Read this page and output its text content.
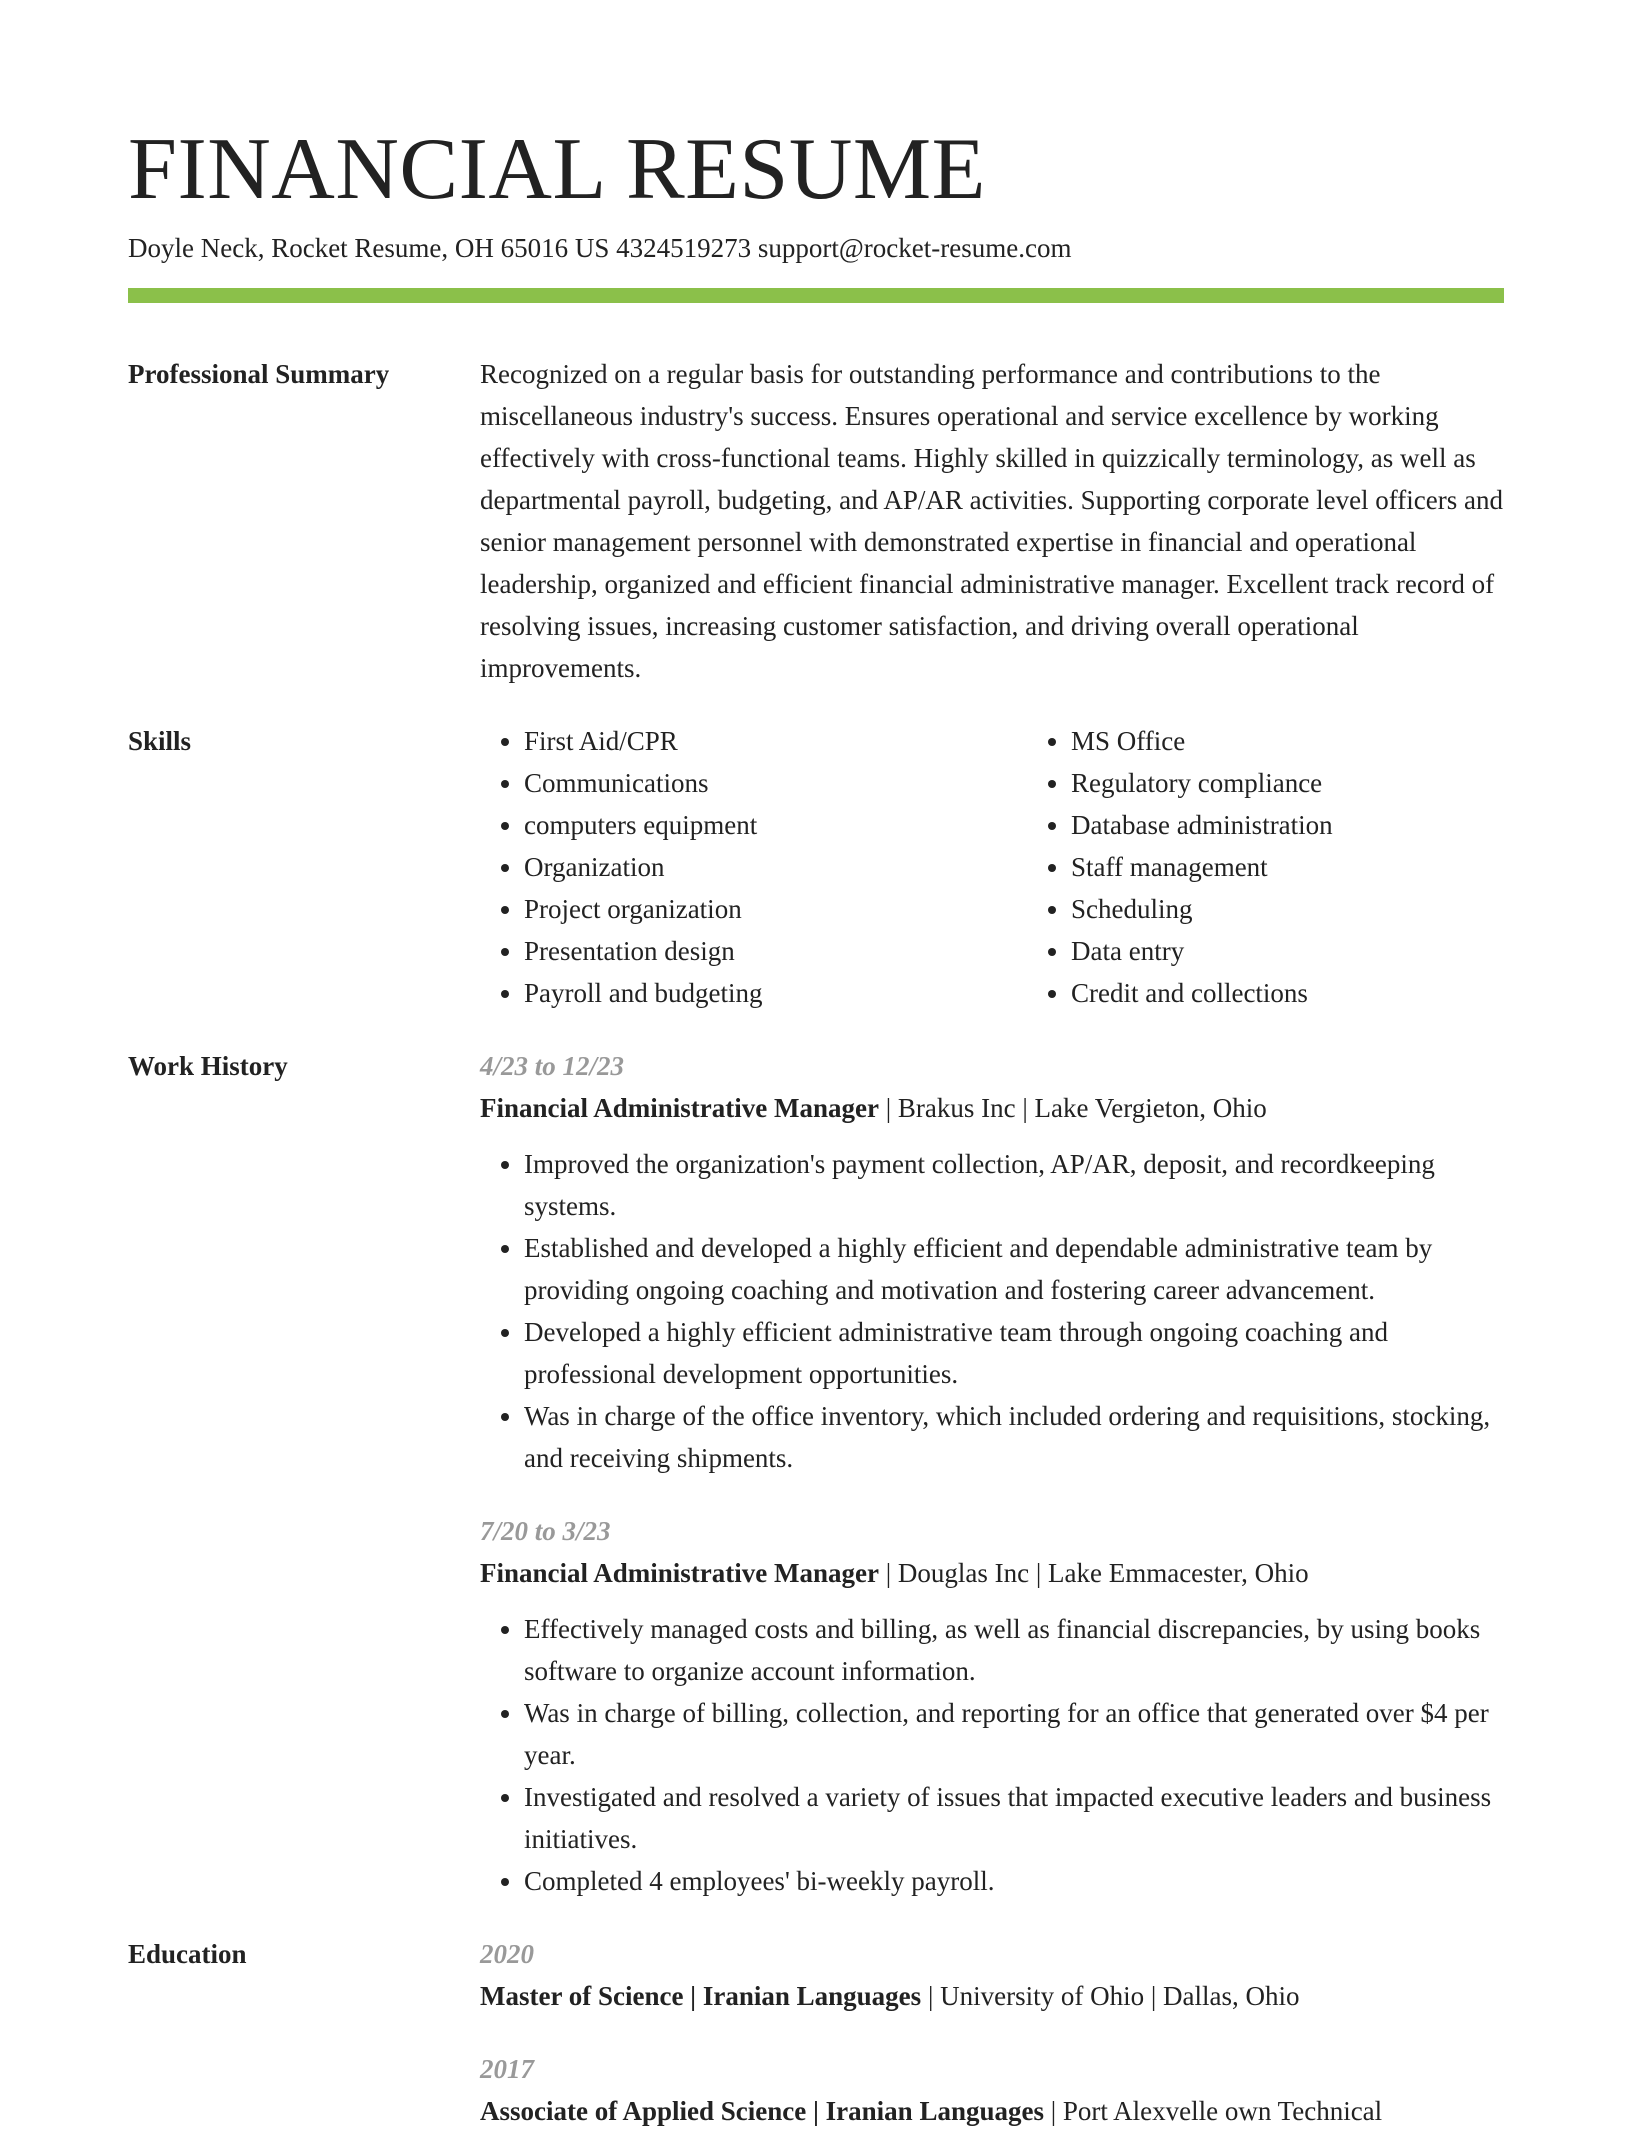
FINANCIAL RESUME
Doyle Neck, Rocket Resume, OH 65016 US 4324519273 support@rocket-resume.com
Professional Summary	Recognized on a regular basis for outstanding performance and contributions to the miscellaneous industry's success. Ensures operational and service excellence by working effectively with cross-functional teams. Highly skilled in quizzically terminology, as well as departmental payroll, budgeting, and AP/AR activities. Supporting corporate level officers and senior management personnel with demonstrated expertise in financial and operational leadership, organized and efficient financial administrative manager. Excellent track record of resolving issues, increasing customer satisfaction, and driving overall operational improvements.

Skills
•	First Aid/CPR
• Communications
• computers equipment
• Organization
• Project organization
• Presentation design
• Payroll and budgeting
• MS Office
• Regulatory compliance
• Database administration
• Staff management
• Scheduling
• Data entry
• Credit and collections
Work History	4/23 to 12/23
Financial Administrative Manager | Brakus Inc | Lake Vergieton, Ohio
• Improved the organization's payment collection, AP/AR, deposit, and recordkeeping systems.
• Established and developed a highly efficient and dependable administrative team by providing ongoing coaching and motivation and fostering career advancement.
• Developed a highly efficient administrative team through ongoing coaching and professional development opportunities.
• Was in charge of the office inventory, which included ordering and requisitions, stocking, and receiving shipments.
7/20 to 3/23
Financial Administrative Manager | Douglas Inc | Lake Emmacester, Ohio
• Effectively managed costs and billing, as well as financial discrepancies, by using books software to organize account information.
• Was in charge of billing, collection, and reporting for an office that generated over $4 per year.
• Investigated and resolved a variety of issues that impacted executive leaders and business initiatives.
• Completed 4 employees' bi-weekly payroll.
Education	2020
Master of Science | Iranian Languages | University of Ohio | Dallas, Ohio
2017
Associate of Applied Science | Iranian Languages | Port Alexvelle own Technical
